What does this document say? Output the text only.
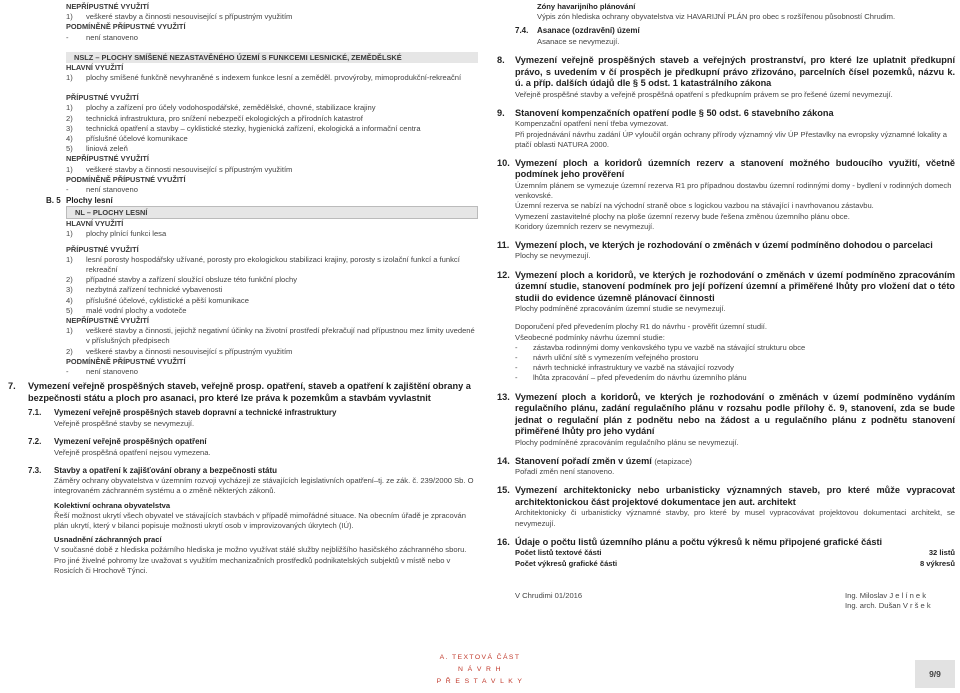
NEPŘÍPUSTNÉ VYUŽITÍ
1)	veškeré stavby a činnosti nesouvisející s přípustným využitím
PODMÍNĚNĚ PŘÍPUSTNÉ VYUŽITÍ
-	není stanoveno
NSLZ – PLOCHY SMÍŠENÉ NEZASTAVĚNÉHO ÚZEMÍ S FUNKCEMI LESNICKÉ, ZEMĚDĚLSKÉ
HLAVNÍ VYUŽITÍ
1)	plochy smíšené funkčně nevyhraněné s indexem funkce lesní a zeměděl. prvovýroby, mimoprodukční-rekreační
PŘÍPUSTNÉ VYUŽITÍ
1)	plochy a zařízení pro účely vodohospodářské, zemědělské, chovné, stabilizace krajiny
2)	technická infrastruktura, pro snížení nebezpečí ekologických a přírodních katastrof
3)	technická opatření a stavby – cyklistické stezky, hygienická zařízení, ekologická a informační centra
4)	příslušné účelové komunikace
5)	liniová zeleň
NEPŘÍPUSTNÉ VYUŽITÍ
1)	veškeré stavby a činnosti nesouvisející s přípustným využitím
PODMÍNĚNĚ PŘÍPUSTNÉ VYUŽITÍ
-	není stanoveno
B. 5 Plochy lesní
NL – PLOCHY LESNÍ
HLAVNÍ VYUŽITÍ
1)	plochy plnící funkci lesa
PŘÍPUSTNÉ VYUŽITÍ
1)	lesní porosty hospodářsky užívané, porosty pro ekologickou stabilizaci krajiny, porosty s izolační funkcí a funkcí rekreační
2)	případné stavby a zařízení sloužící obsluze této funkční plochy
3)	nezbytná zařízení technické vybavenosti
4)	příslušné účelové, cyklistické a pěší komunikace
5)	malé vodní plochy a vodoteče
NEPŘÍPUSTNÉ VYUŽITÍ
1)	veškeré stavby a činnosti, jejichž negativní účinky na životní prostředí překračují nad přípustnou mez limity uvedené v příslušných předpisech
2)	veškeré stavby a činnosti nesouvisející s přípustným využitím
PODMÍNĚNĚ PŘÍPUSTNÉ VYUŽITÍ
-	není stanoveno
7.	Vymezení veřejně prospěšných staveb, veřejně prosp. opatření, staveb a opatření k zajištění obrany a bezpečnosti státu a ploch pro asanaci, pro které lze práva k pozemkům a stavbám vyvlastnit
7.1.	Vymezení veřejně prospěšných staveb dopravní a technické infrastruktury
Veřejně prospěšné stavby se nevymezují.
7.2.	Vymezení veřejně prospěšných opatření
Veřejně prospěšná opatření nejsou vymezena.
7.3.	Stavby a opatření k zajišťování obrany a bezpečnosti státu
Záměry ochrany obyvatelstva v územním rozvoji vycházejí ze stávajících legislativních opatření–tj. ze zák. č. 239/2000 Sb. O integrovaném záchranném systému a o změně některých zákonů.
Kolektivní ochrana obyvatelstva
Řeší možnost ukrytí všech obyvatel ve stávajících stavbách v případě mimořádné situace. Na obecním úřadě je zpracován plán ukrytí, který v bilanci popisuje možnosti ukrytí osob v improvizovaných úkrytech (IÚ).
Usnadnění záchranných prací
V současné době z hlediska požárního hlediska je možno využívat stálé služby nejbližšího hasičského záchranného sboru. Pro jiné živelné pohromy lze uvažovat s využitím mechanizačních prostředků podnikatelských subjektů v místě nebo v Rosicích či Hrochově Týnci.
Zóny havarijního plánování
Výpis zón hlediska ochrany obyvatelstva viz HAVARIJNÍ PLÁN pro obec s rozšířenou působností Chrudim.
7.4.	Asanace (ozdravění) území
Asanace se nevymezují.
8.	Vymezení veřejně prospěšných staveb a veřejných prostranství, pro které lze uplatnit předkupní právo, s uvedením v čí prospěch je předkupní právo zřizováno, parcelních čísel pozemků, názvu k. ú. a příp. dalších údajů dle § 5 odst. 1 katastrálního zákona
Veřejně prospěšné stavby a veřejně prospěšná opatření s předkupním právem se pro řešené území nevymezují.
9.	Stanovení kompenzačních opatření podle § 50 odst. 6 stavebního zákona
Kompenzační opatření není třeba vymezovat.
Při projednávání návrhu zadání ÚP vyloučil orgán ochrany přírody významný vliv ÚP Přestavlky na evropsky významné lokality a ptačí oblasti NATURA 2000.
10. Vymezení ploch a koridorů územních rezerv a stanovení možného budoucího využití, včetně podmínek jeho prověření
Územním plánem se vymezuje územní rezerva R1 pro případnou dostavbu územní rodinnými domy - bydlení v rodinných domech venkovské.
Územní rezerva se nabízí na východní straně obce s logickou vazbou na stávající i navrhovanou zástavbu.
Vymezení zastavitelné plochy na ploše územní rezervy bude řešena změnou územního plánu obce.
Koridory územních rezerv se nevymezují.
11. Vymezení ploch, ve kterých je rozhodování o změnách v území podmíněno dohodou o parcelaci
Plochy se nevymezují.
12. Vymezení ploch a koridorů, ve kterých je rozhodování o změnách v území podmíněno zpracováním územní studie, stanovení podmínek pro její pořízení územní a přiměřené lhůty pro vložení dat o této studii do evidence územně plánovací činnosti
Plochy podmíněné zpracováním územní studie se nevymezují.
Doporučení před převedením plochy R1 do návrhu - prověřit územní studií.
Všeobecné podmínky návrhu územní studie:
-	zástavba rodinnými domy venkovského typu ve vazbě na stávající strukturu obce
-	návrh uliční sítě s vymezením veřejného prostoru
-	návrh technické infrastruktury ve vazbě na stávající rozvody
-	lhůta zpracování – před převedením do návrhu územního plánu
13. Vymezení ploch a koridorů, ve kterých je rozhodování o změnách v území podmíněno vydáním regulačního plánu, zadání regulačního plánu v rozsahu podle přílohy č. 9, stanovení, zda se bude jednat o regulační plán z podnětu nebo na žádost a u regulačního plánu z podnětu stanovení přiměřené lhůty pro jeho vydání
Plochy podmíněné zpracováním regulačního plánu se nevymezují.
14. Stanovení pořadí změn v území (etapizace)
Pořadí změn není stanoveno.
15. Vymezení architektonicky nebo urbanisticky významných staveb, pro které může vypracovat architektonickou část projektové dokumentace jen aut. architekt
Architektonicky či urbanisticky významné stavby, pro které by musel vypracovávat projektovou dokumentaci architekt, se nevymezují.
16. Údaje o počtu listů územního plánu a počtu výkresů k němu připojené grafické části
Počet listů textové části	32 listů
Počet výkresů grafické části	8 výkresů
V Chrudimi 01/2016	Ing. Miloslav J e l í n e k
Ing. arch. Dušan V r š e k
A. TEXTOVÁ ČÁST
N Á V R H
P Ř E S T A V L K Y
9/9
